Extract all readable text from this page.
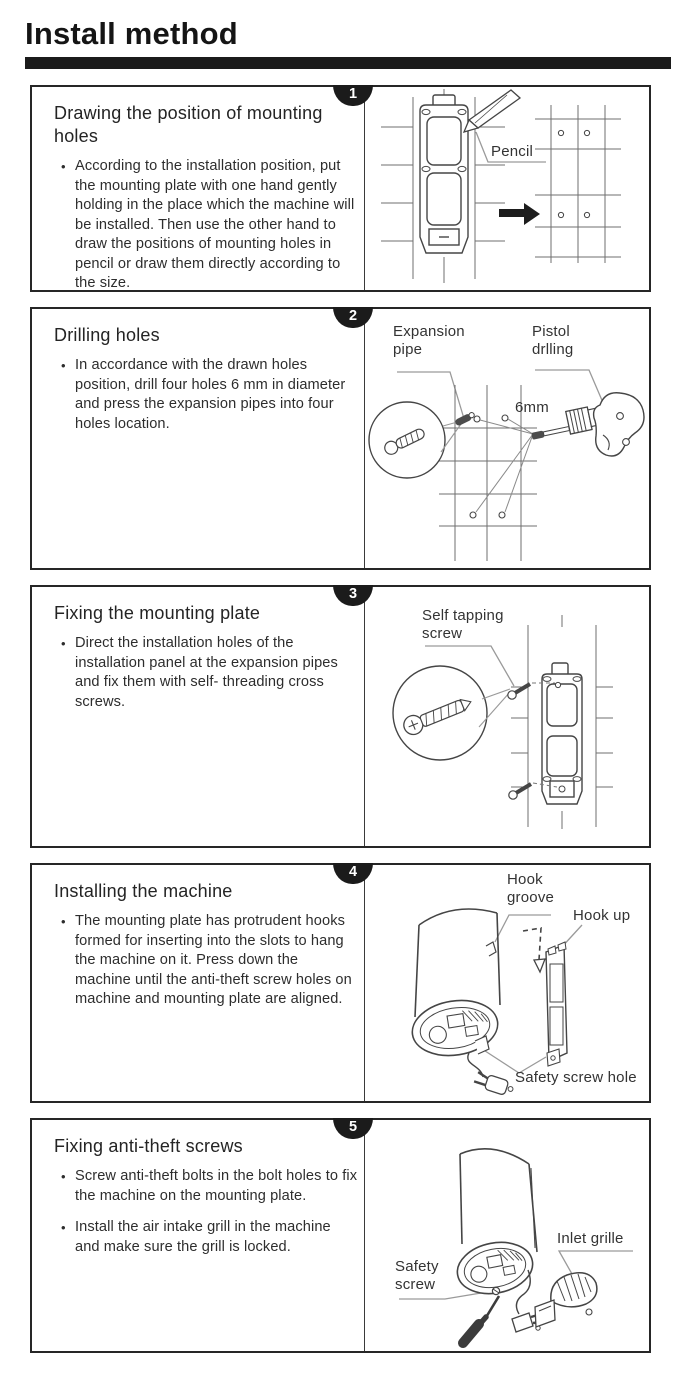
Install method
1
Drawing the position of mounting holes
• According to the installation position, put the mounting plate with one hand gently holding in the place which the machine will be installed. Then use the other hand to draw the positions of mounting holes in pencil or draw them directly according to the size.
Pencil
2
Drilling holes
• In accordance with the drawn holes position, drill four holes 6 mm in diameter and press the expansion pipes into four holes location.
Expansion pipe
Pistol drlling
6mm
3
Fixing the mounting plate
• Direct the installation holes of the installation panel at the expansion pipes and fix them with self- threading cross screws.
Self tapping screw
4
Installing the machine
• The mounting plate has protrudent hooks formed for inserting into the slots to hang the machine on it. Press down the machine until the anti-theft screw holes on machine and mounting plate are aligned.
Hook groove
Hook up
Safety screw hole
5
Fixing anti-theft screws
• Screw anti-theft bolts in the bolt holes to fix the machine on the mounting plate.
• Install the air intake grill in the machine and make sure the grill is locked.
Safety screw
Inlet grille
